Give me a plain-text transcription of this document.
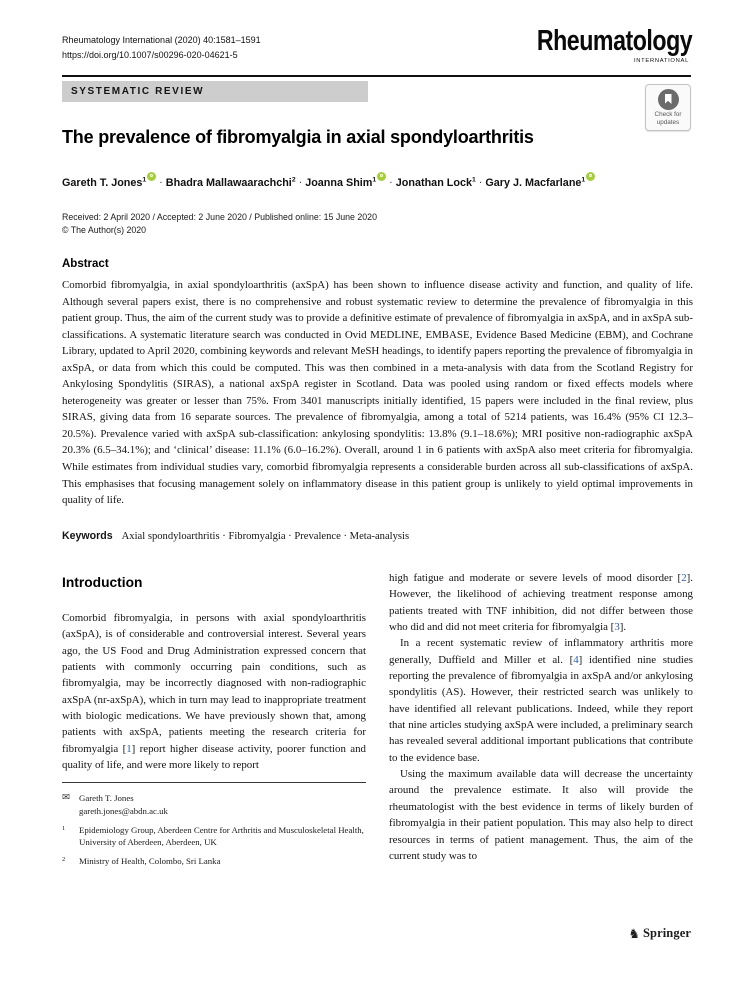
Rheumatology International (2020) 40:1581–1591
https://doi.org/10.1007/s00296-020-04621-5	Rheumatology
INTERNATIONAL
SYSTEMATIC REVIEW
Check for
updates
The prevalence of fibromyalgia in axial spondyloarthritis
Gareth T. Jones$^1$
· Bhadra Mallawaarachchi$^2$ · Joanna Shim$^1$
· Jonathan Lock$^1$ · Gary J. Macfarlane$^1$
Received: 2 April 2020 / Accepted: 2 June 2020 / Published online: 15 June 2020
© The Author(s) 2020
Abstract
Comorbid fibromyalgia, in axial spondyloarthritis (axSpA) has been shown to influence disease activity and function, and quality of life. Although several papers exist, there is no comprehensive and robust systematic review to determine the prevalence of fibromyalgia in this patient group. Thus, the aim of the current study was to provide a definitive estimate of prevalence of fibromyalgia in axSpA, and in axSpA sub-classifications. A systematic literature search was conducted in Ovid MEDLINE, EMBASE, Evidence Based Medicine (EBM), and Cochrane Library, updated to April 2020, combining keywords and relevant MeSH headings, to identify papers reporting the prevalence of fibromyalgia in axSpA, or data from which this could be computed. This was then combined in a meta-analysis with data from the Scotland Registry for Ankylosing Spondylitis (SIRAS), a national axSpA register in Scotland. Data was pooled using random or fixed effects models where heterogeneity was greater or lesser than 75%. From 3401 manuscripts initially identified, 15 papers were included in the final review, plus SIRAS, giving data from 16 separate sources. The prevalence of fibromyalgia, among a total of 5214 patients, was 16.4% (95% CI 12.3–20.5%). Prevalence varied with axSpA sub-classification: ankylosing spondylitis: 13.8% (9.1–18.6%); MRI positive non-radiographic axSpA 20.3% (6.5–34.1%); and ‘clinical’ disease: 11.1% (6.0–16.2%). Overall, around 1 in 6 patients with axSpA also meet criteria for fibromyalgia. While estimates from individual studies vary, comorbid fibromyalgia represents a considerable burden across all sub-classifications of axSpA. This emphasises that focusing management solely on inflammatory disease in this patient group is unlikely to yield optimal improvements in quality of life.
Keywords Axial spondyloarthritis · Fibromyalgia · Prevalence · Meta-analysis
Introduction

Comorbid fibromyalgia, in persons with axial spondyloarthritis (axSpA), is of considerable and controversial interest. Several years ago, the US Food and Drug Administration expressed concern that patients with commonly occurring pain conditions, such as fibromyalgia, may be incorrectly diagnosed with non-radiographic axSpA (nr-axSpA), which in turn may lead to inappropriate treatment with biologic medications. We have previously shown that, among patients with axSpA, patients meeting the research criteria for fibromyalgia [1] report higher disease activity, poorer function and quality of life, and were more likely to report

✉	Gareth T. Jones
gareth.jones@abdn.ac.uk
1	Epidemiology Group, Aberdeen Centre for Arthritis and Musculoskeletal Health, University of Aberdeen, Aberdeen, UK
2	Ministry of Health, Colombo, Sri Lanka

high fatigue and moderate or severe levels of mood disorder [2]. However, the likelihood of achieving treatment response among patients treated with TNF inhibition, did not differ between those who did and did not meet criteria for fibromyalgia [3].

In a recent systematic review of inflammatory arthritis more generally, Duffield and Miller et al. [4] identified nine studies reporting the prevalence of fibromyalgia in axSpA and/or ankylosing spondylitis (AS). However, their restricted search was unlikely to have identified all relevant publications. Indeed, while they report that nine articles studying axSpA were included, a preliminary search has revealed several additional important publications that contribute to the evidence base.

Using the maximum available data will decrease the uncertainty around the prevalence estimate. It also will provide the rheumatologist with the best evidence in terms of likely burden of fibromyalgia in their patient population. This may also help to direct resources in terms of patient management. Thus, the aim of the current study was to

♞ Springer
